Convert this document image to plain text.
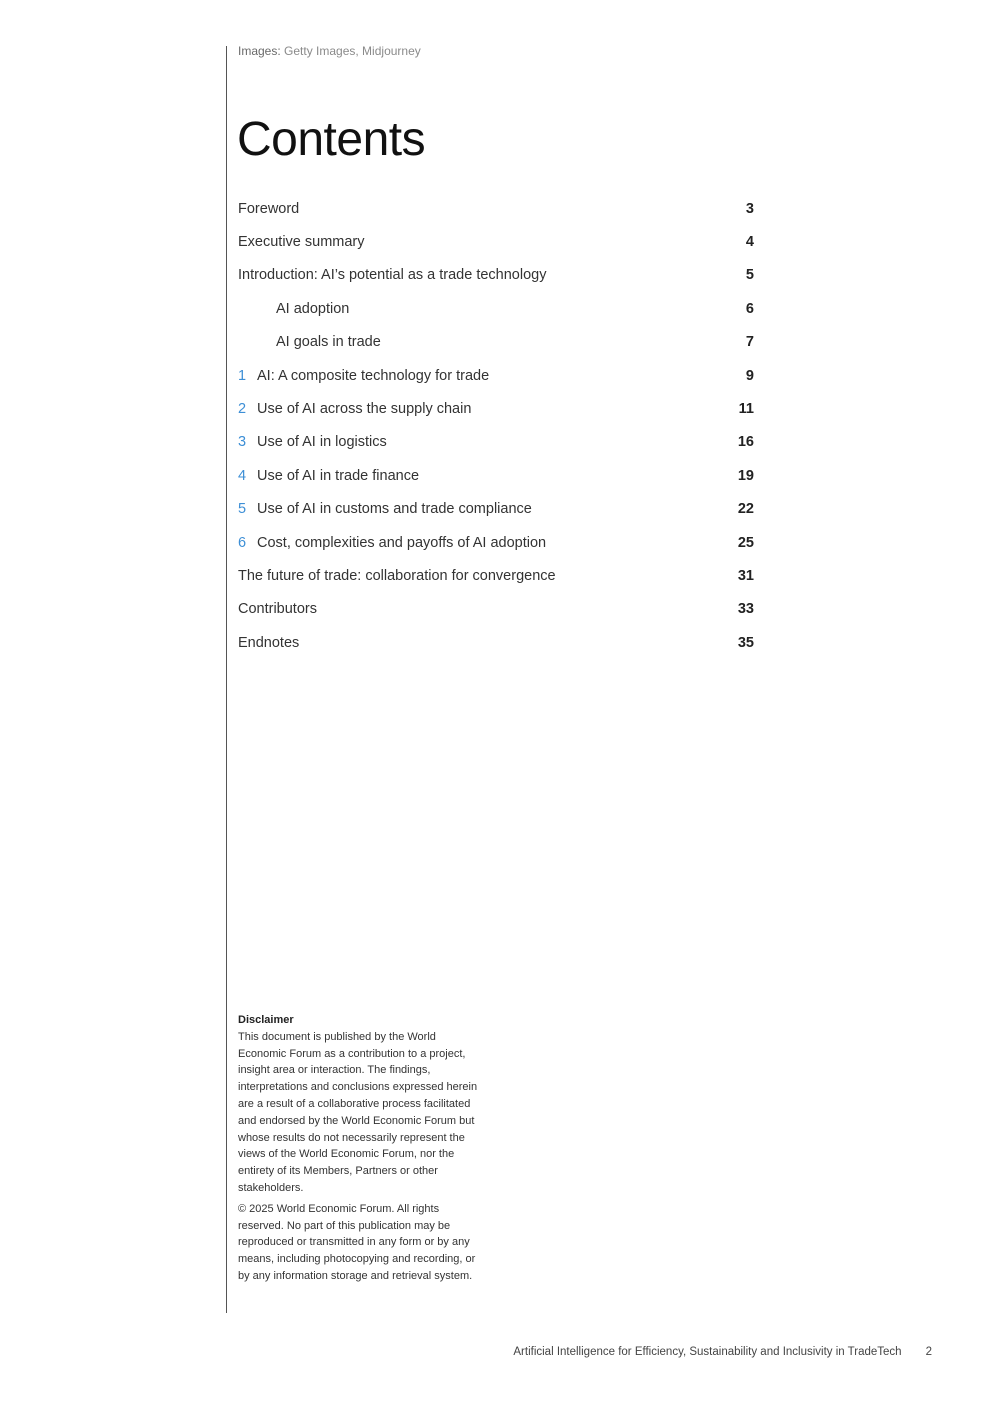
Images: Getty Images, Midjourney
Contents
Foreword	3
Executive summary	4
Introduction: AI’s potential as a trade technology	5
AI adoption	6
AI goals in trade	7
1 AI: A composite technology for trade	9
2 Use of AI across the supply chain	11
3 Use of AI in logistics	16
4 Use of AI in trade finance	19
5 Use of AI in customs and trade compliance	22
6 Cost, complexities and payoffs of AI adoption	25
The future of trade: collaboration for convergence	31
Contributors	33
Endnotes	35

Disclaimer

This document is published by the World Economic Forum as a contribution to a project, insight area or interaction. The findings, interpretations and conclusions expressed herein are a result of a collaborative process facilitated and endorsed by the World Economic Forum but whose results do not necessarily represent the views of the World Economic Forum, nor the entirety of its Members, Partners or other stakeholders.

© 2025 World Economic Forum. All rights reserved. No part of this publication may be reproduced or transmitted in any form or by any means, including photocopying and recording, or by any information storage and retrieval system.

Artificial Intelligence for Efficiency, Sustainability and Inclusivity in TradeTech 2
